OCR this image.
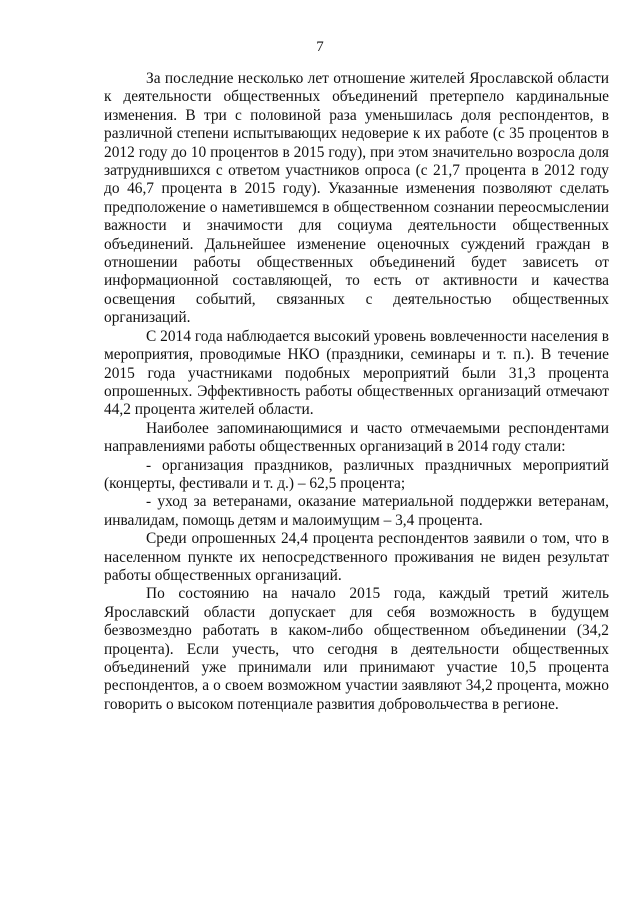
7

За последние несколько лет отношение жителей Ярославской области к деятельности общественных объединений претерпело кардинальные изменения. В три с половиной раза уменьшилась доля респондентов, в различной степени испытывающих недоверие к их работе (с 35 процентов в 2012 году до 10 процентов в 2015 году), при этом значительно возросла доля затруднившихся с ответом участников опроса (с 21,7 процента в 2012 году до 46,7 процента в 2015 году). Указанные изменения позволяют сделать предположение о наметившемся в общественном сознании переосмыслении важности и значимости для социума деятельности общественных объединений. Дальнейшее изменение оценочных суждений граждан в отношении работы общественных объединений будет зависеть от информационной составляющей, то есть от активности и качества освещения событий, связанных с деятельностью общественных организаций.

С 2014 года наблюдается высокий уровень вовлеченности населения в мероприятия, проводимые НКО (праздники, семинары и т. п.). В течение 2015 года участниками подобных мероприятий были 31,3 процента опрошенных. Эффективность работы общественных организаций отмечают 44,2 процента жителей области.

Наиболее запоминающимися и часто отмечаемыми респондентами направлениями работы общественных организаций в 2014 году стали:

- организация праздников, различных праздничных мероприятий (концерты, фестивали и т. д.) – 62,5 процента;

- уход за ветеранами, оказание материальной поддержки ветеранам, инвалидам, помощь детям и малоимущим – 3,4 процента.

Среди опрошенных 24,4 процента респондентов заявили о том, что в населенном пункте их непосредственного проживания не виден результат работы общественных организаций.

По состоянию на начало 2015 года, каждый третий житель Ярославский области допускает для себя возможность в будущем безвозмездно работать в каком-либо общественном объединении (34,2 процента). Если учесть, что сегодня в деятельности общественных объединений уже принимали или принимают участие 10,5 процента респондентов, а о своем возможном участии заявляют 34,2 процента, можно говорить о высоком потенциале развития добровольчества в регионе.
